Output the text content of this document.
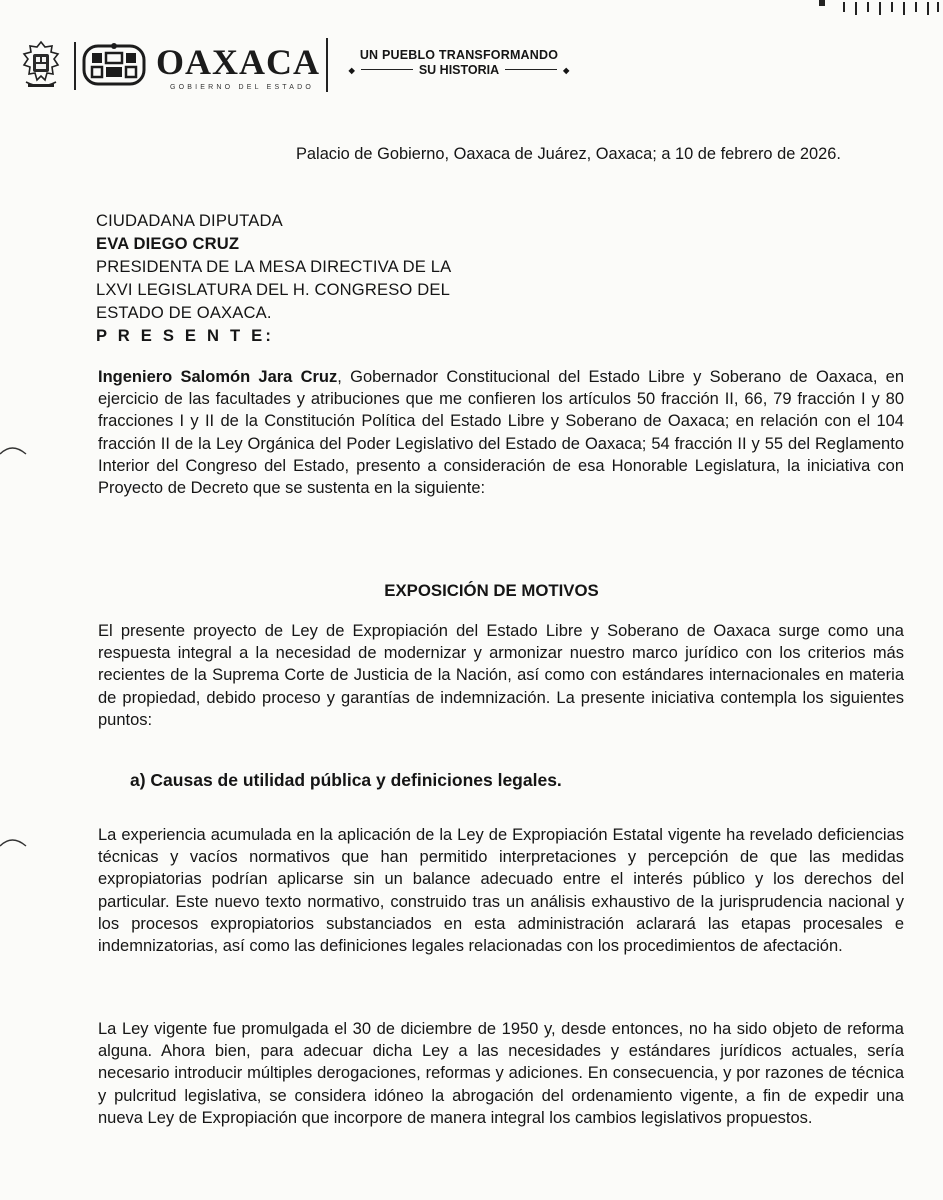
OAXACA
GOBIERNO DEL ESTADO
UN PUEBLO TRANSFORMANDO
◆	SU HISTORIA	◆
Palacio de Gobierno, Oaxaca de Juárez, Oaxaca; a 10 de febrero de 2026.
CIUDADANA DIPUTADA
EVA DIEGO CRUZ
PRESIDENTA DE LA MESA DIRECTIVA DE LA
LXVI LEGISLATURA DEL H. CONGRESO DEL
ESTADO DE OAXACA.
P R E S E N T E:
Ingeniero Salomón Jara Cruz, Gobernador Constitucional del Estado Libre y Soberano de Oaxaca, en ejercicio de las facultades y atribuciones que me confieren los artículos 50 fracción II, 66, 79 fracción I y 80 fracciones I y II de la Constitución Política del Estado Libre y Soberano de Oaxaca; en relación con el 104 fracción II de la Ley Orgánica del Poder Legislativo del Estado de Oaxaca; 54 fracción II y 55 del Reglamento Interior del Congreso del Estado, presento a consideración de esa Honorable Legislatura, la iniciativa con Proyecto de Decreto que se sustenta en la siguiente:
EXPOSICIÓN DE MOTIVOS
El presente proyecto de Ley de Expropiación del Estado Libre y Soberano de Oaxaca surge como una respuesta integral a la necesidad de modernizar y armonizar nuestro marco jurídico con los criterios más recientes de la Suprema Corte de Justicia de la Nación, así como con estándares internacionales en materia de propiedad, debido proceso y garantías de indemnización. La presente iniciativa contempla los siguientes puntos:
a) Causas de utilidad pública y definiciones legales.
La experiencia acumulada en la aplicación de la Ley de Expropiación Estatal vigente ha revelado deficiencias técnicas y vacíos normativos que han permitido interpretaciones y percepción de que las medidas expropiatorias podrían aplicarse sin un balance adecuado entre el interés público y los derechos del particular. Este nuevo texto normativo, construido tras un análisis exhaustivo de la jurisprudencia nacional y los procesos expropiatorios substanciados en esta administración aclarará las etapas procesales e indemnizatorias, así como las definiciones legales relacionadas con los procedimientos de afectación.
La Ley vigente fue promulgada el 30 de diciembre de 1950 y, desde entonces, no ha sido objeto de reforma alguna. Ahora bien, para adecuar dicha Ley a las necesidades y estándares jurídicos actuales, sería necesario introducir múltiples derogaciones, reformas y adiciones. En consecuencia, y por razones de técnica y pulcritud legislativa, se considera idóneo la abrogación del ordenamiento vigente, a fin de expedir una nueva Ley de Expropiación que incorpore de manera integral los cambios legislativos propuestos.
